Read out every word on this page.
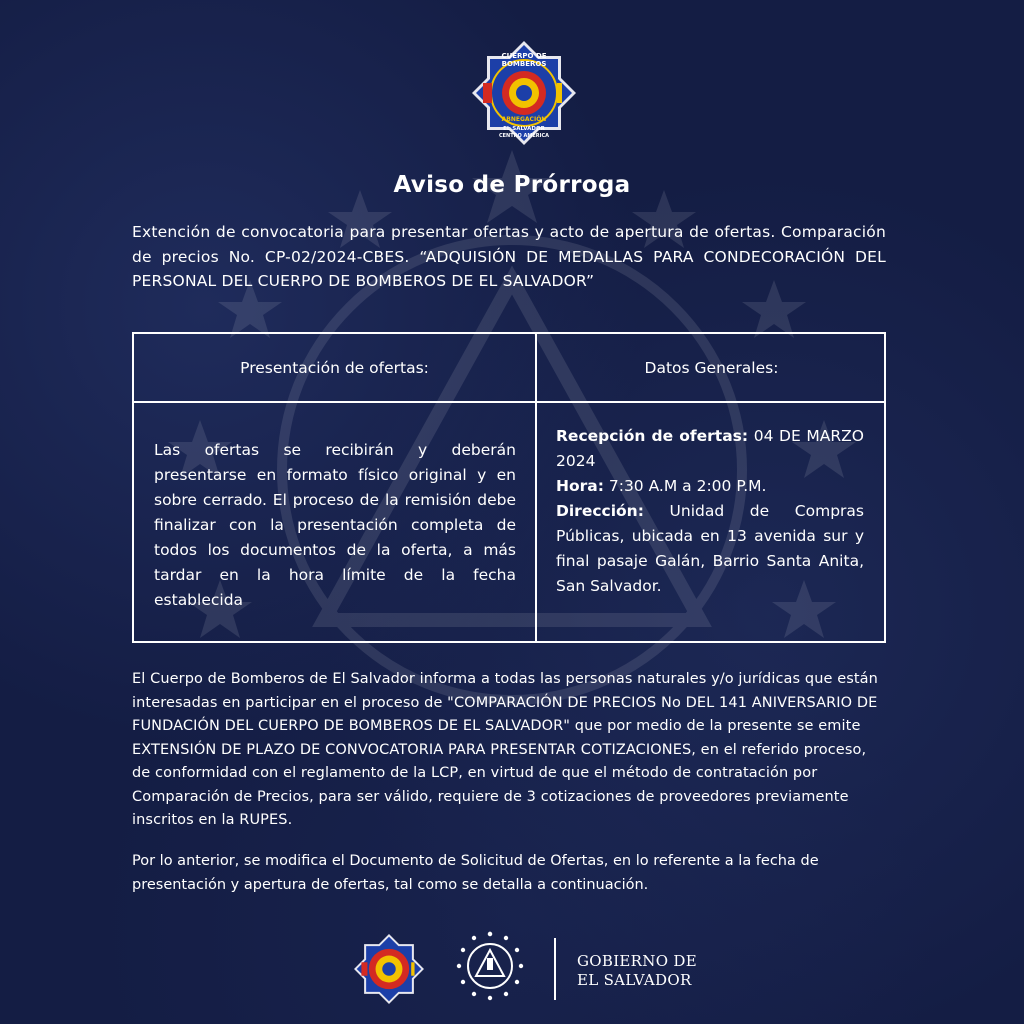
CUERPO DE
BOMBEROS
ABNEGACIÓN
EL SALVADOR
CENTRO AMÉRICA
Aviso de Prórroga
Extención de convocatoria para presentar ofertas y acto de apertura de ofertas. Comparación de precios No. CP-02/2024-CBES. “ADQUISIÓN DE MEDALLAS PARA CONDECORACIÓN DEL PERSONAL DEL CUERPO DE BOMBEROS DE EL SALVADOR”
Presentación de ofertas:	Datos Generales:
Las ofertas se recibirán y deberán presentarse en formato físico original y en sobre cerrado. El proceso de la remisión debe finalizar con la presentación completa de todos los documentos de la oferta, a más tardar en la hora límite de la fecha establecida
Recepción de ofertas: 04 DE MARZO 2024
Hora: 7:30 A.M a 2:00 P.M.
Dirección: Unidad de Compras Públicas, ubicada en 13 avenida sur y final pasaje Galán, Barrio Santa Anita, San Salvador.
El Cuerpo de Bomberos de El Salvador informa a todas las personas naturales y/o jurídicas que están interesadas en participar en el proceso de "COMPARACIÓN DE PRECIOS No DEL 141 ANIVERSARIO DE FUNDACIÓN DEL CUERPO DE BOMBEROS DE EL SALVADOR" que por medio de la presente se emite EXTENSIÓN DE PLAZO DE CONVOCATORIA PARA PRESENTAR COTIZACIONES, en el referido proceso, de conformidad con el reglamento de la LCP, en virtud de que el método de contratación por Comparación de Precios, para ser válido, requiere de 3 cotizaciones de proveedores previamente inscritos en la RUPES.
Por lo anterior, se modifica el Documento de Solicitud de Ofertas, en lo referente a la fecha de presentación y apertura de ofertas, tal como se detalla a continuación.
GOBIERNO DE
EL SALVADOR
